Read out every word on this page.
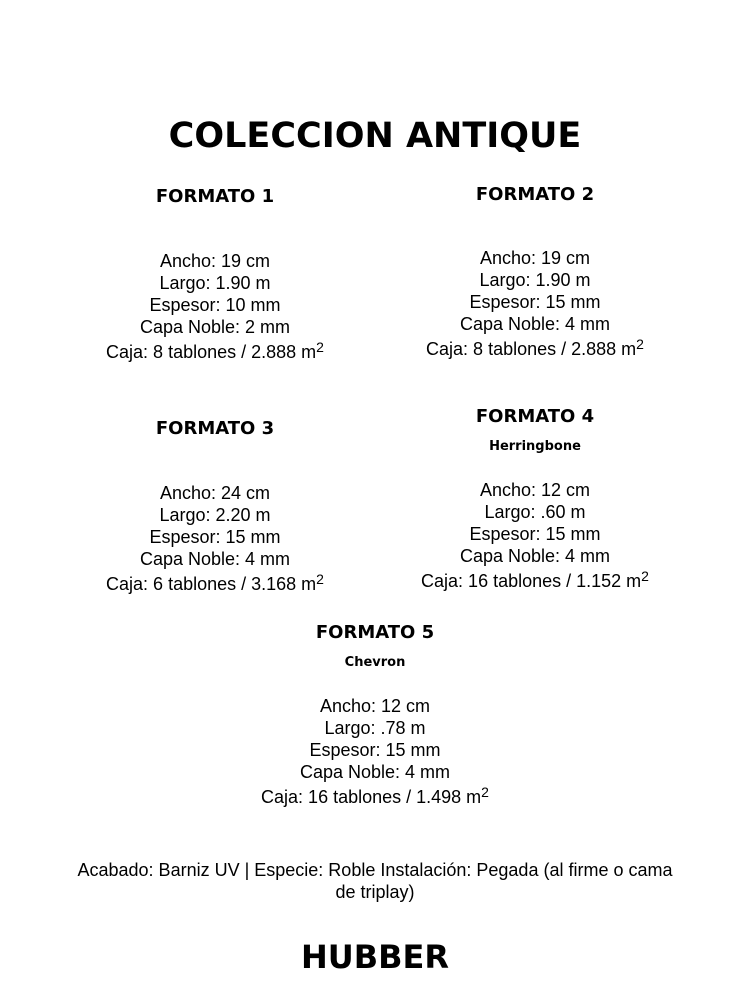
COLECCION ANTIQUE
FORMATO 1
Ancho: 19 cm
Largo: 1.90 m
Espesor: 10 mm
Capa Noble: 2 mm
Caja: 8 tablones / 2.888 $m^2$
FORMATO 2
Ancho: 19 cm
Largo: 1.90 m
Espesor: 15 mm
Capa Noble: 4 mm
Caja: 8 tablones / 2.888 $m^2$
FORMATO 3
Ancho: 24 cm
Largo: 2.20 m
Espesor: 15 mm
Capa Noble: 4 mm
Caja: 6 tablones / 3.168 $m^2$
FORMATO 4
Herringbone
Ancho: 12 cm
Largo: .60 m
Espesor: 15 mm
Capa Noble: 4 mm
Caja: 16 tablones / 1.152 $m^2$
FORMATO 5
Chevron
Ancho: 12 cm
Largo: .78 m
Espesor: 15 mm
Capa Noble: 4 mm
Caja: 16 tablones / 1.498 $m^2$
Acabado: Barniz UV | Especie: Roble Instalación: Pegada (al firme o cama de triplay)
HUBBER
